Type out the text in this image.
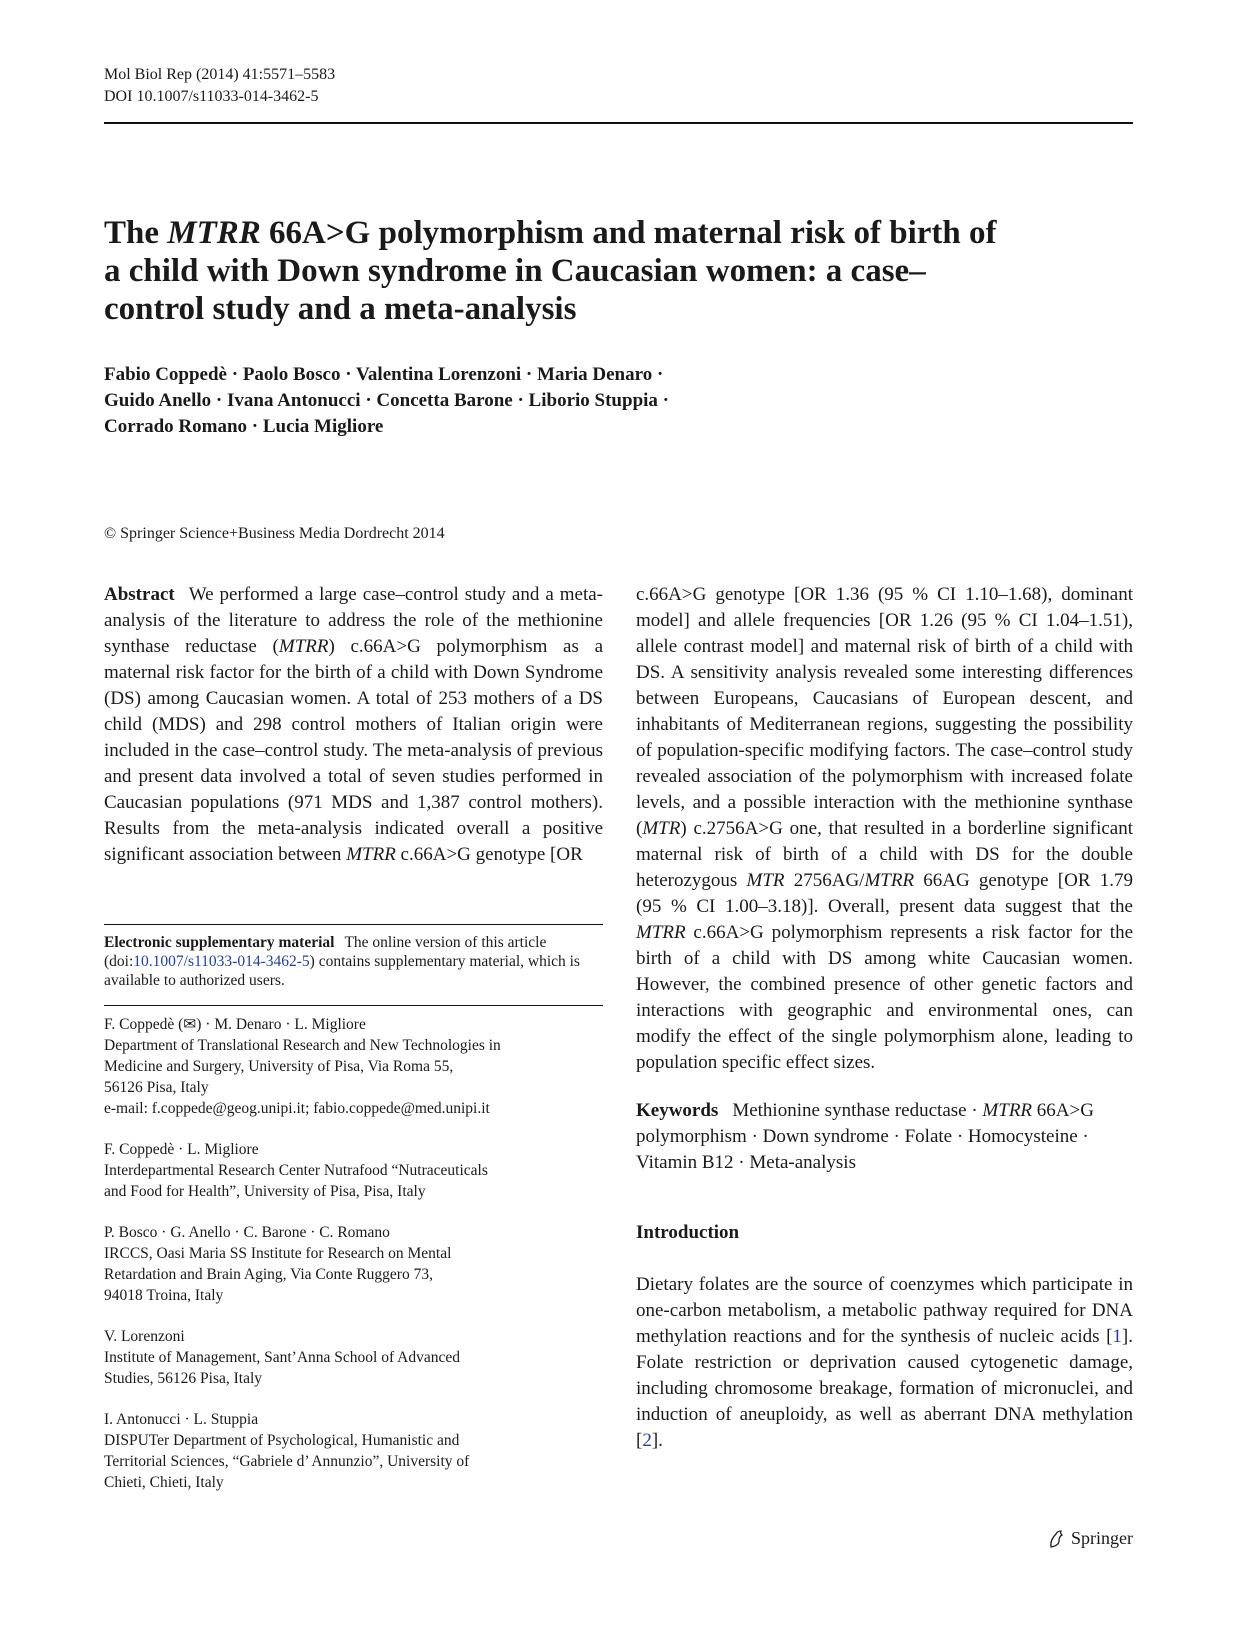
Mol Biol Rep (2014) 41:5571–5583
DOI 10.1007/s11033-014-3462-5
The MTRR 66A>G polymorphism and maternal risk of birth of a child with Down syndrome in Caucasian women: a case–control study and a meta-analysis
Fabio Coppedè · Paolo Bosco · Valentina Lorenzoni · Maria Denaro ·
Guido Anello · Ivana Antonucci · Concetta Barone · Liborio Stuppia ·
Corrado Romano · Lucia Migliore
© Springer Science+Business Media Dordrecht 2014
Abstract We performed a large case–control study and a meta-analysis of the literature to address the role of the methionine synthase reductase (MTRR) c.66A>G polymorphism as a maternal risk factor for the birth of a child with Down Syndrome (DS) among Caucasian women. A total of 253 mothers of a DS child (MDS) and 298 control mothers of Italian origin were included in the case–control study. The meta-analysis of previous and present data involved a total of seven studies performed in Caucasian populations (971 MDS and 1,387 control mothers). Results from the meta-analysis indicated overall a positive significant association between MTRR c.66A>G genotype [OR
Electronic supplementary material The online version of this article (doi:10.1007/s11033-014-3462-5) contains supplementary material, which is available to authorized users.
F. Coppedè (✉) · M. Denaro · L. Migliore
Department of Translational Research and New Technologies in
Medicine and Surgery, University of Pisa, Via Roma 55,
56126 Pisa, Italy
e-mail: f.coppede@geog.unipi.it; fabio.coppede@med.unipi.it
F. Coppedè · L. Migliore
Interdepartmental Research Center Nutrafood “Nutraceuticals
and Food for Health”, University of Pisa, Pisa, Italy
P. Bosco · G. Anello · C. Barone · C. Romano
IRCCS, Oasi Maria SS Institute for Research on Mental
Retardation and Brain Aging, Via Conte Ruggero 73,
94018 Troina, Italy
V. Lorenzoni
Institute of Management, Sant’Anna School of Advanced
Studies, 56126 Pisa, Italy
I. Antonucci · L. Stuppia
DISPUTer Department of Psychological, Humanistic and
Territorial Sciences, “Gabriele d’ Annunzio”, University of
Chieti, Chieti, Italy
c.66A>G genotype [OR 1.36 (95 % CI 1.10–1.68), dominant model] and allele frequencies [OR 1.26 (95 % CI 1.04–1.51), allele contrast model] and maternal risk of birth of a child with DS. A sensitivity analysis revealed some interesting differences between Europeans, Caucasians of European descent, and inhabitants of Mediterranean regions, suggesting the possibility of population-specific modifying factors. The case–control study revealed association of the polymorphism with increased folate levels, and a possible interaction with the methionine synthase (MTR) c.2756A>G one, that resulted in a borderline significant maternal risk of birth of a child with DS for the double heterozygous MTR 2756AG/MTRR 66AG genotype [OR 1.79 (95 % CI 1.00–3.18)]. Overall, present data suggest that the MTRR c.66A>G polymorphism represents a risk factor for the birth of a child with DS among white Caucasian women. However, the combined presence of other genetic factors and interactions with geographic and environmental ones, can modify the effect of the single polymorphism alone, leading to population specific effect sizes.
Keywords Methionine synthase reductase · MTRR 66A>G polymorphism · Down syndrome · Folate · Homocysteine · Vitamin B12 · Meta-analysis
Introduction
Dietary folates are the source of coenzymes which participate in one-carbon metabolism, a metabolic pathway required for DNA methylation reactions and for the synthesis of nucleic acids [1]. Folate restriction or deprivation caused cytogenetic damage, including chromosome breakage, formation of micronuclei, and induction of aneuploidy, as well as aberrant DNA methylation [2].
Springer
